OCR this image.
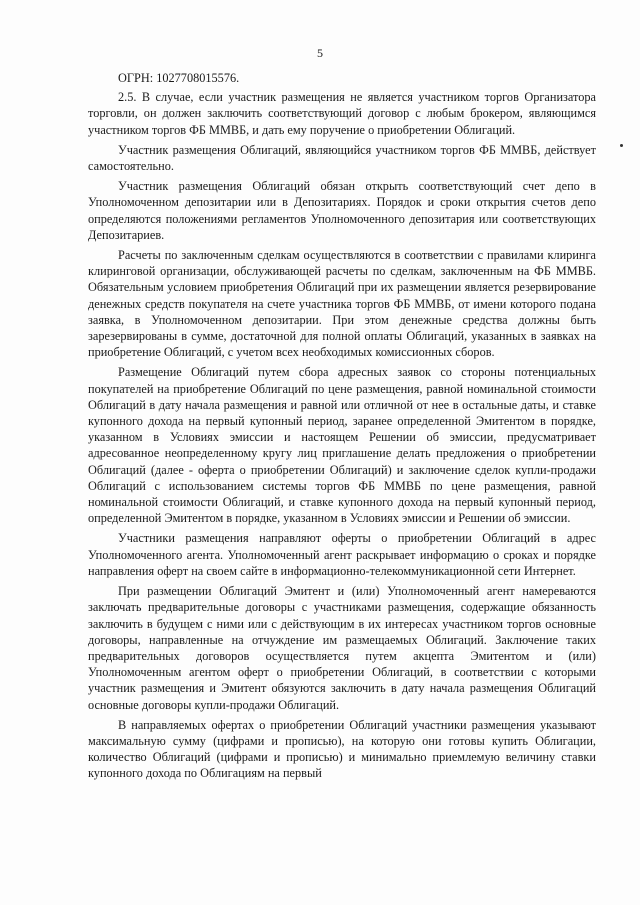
5

ОГРН: 1027708015576.

2.5. В случае, если участник размещения не является участником торгов Организатора торговли, он должен заключить соответствующий договор с любым брокером, являющимся участником торгов ФБ ММВБ, и дать ему поручение о приобретении Облигаций.

Участник размещения Облигаций, являющийся участником торгов ФБ ММВБ, действует самостоятельно.

Участник размещения Облигаций обязан открыть соответствующий счет депо в Уполномоченном депозитарии или в Депозитариях. Порядок и сроки открытия счетов депо определяются положениями регламентов Уполномоченного депозитария или соответствующих Депозитариев.

Расчеты по заключенным сделкам осуществляются в соответствии с правилами клиринга клиринговой организации, обслуживающей расчеты по сделкам, заключенным на ФБ ММВБ. Обязательным условием приобретения Облигаций при их размещении является резервирование денежных средств покупателя на счете участника торгов ФБ ММВБ, от имени которого подана заявка, в Уполномоченном депозитарии. При этом денежные средства должны быть зарезервированы в сумме, достаточной для полной оплаты Облигаций, указанных в заявках на приобретение Облигаций, с учетом всех необходимых комиссионных сборов.

Размещение Облигаций путем сбора адресных заявок со стороны потенциальных покупателей на приобретение Облигаций по цене размещения, равной номинальной стоимости Облигаций в дату начала размещения и равной или отличной от нее в остальные даты, и ставке купонного дохода на первый купонный период, заранее определенной Эмитентом в порядке, указанном в Условиях эмиссии и настоящем Решении об эмиссии, предусматривает адресованное неопределенному кругу лиц приглашение делать предложения о приобретении Облигаций (далее - оферта о приобретении Облигаций) и заключение сделок купли-продажи Облигаций с использованием системы торгов ФБ ММВБ по цене размещения, равной номинальной стоимости Облигаций, и ставке купонного дохода на первый купонный период, определенной Эмитентом в порядке, указанном в Условиях эмиссии и Решении об эмиссии.

Участники размещения направляют оферты о приобретении Облигаций в адрес Уполномоченного агента. Уполномоченный агент раскрывает информацию о сроках и порядке направления оферт на своем сайте в информационно-телекоммуникационной сети Интернет.

При размещении Облигаций Эмитент и (или) Уполномоченный агент намереваются заключать предварительные договоры с участниками размещения, содержащие обязанность заключить в будущем с ними или с действующим в их интересах участником торгов основные договоры, направленные на отчуждение им размещаемых Облигаций. Заключение таких предварительных договоров осуществляется путем акцепта Эмитентом и (или) Уполномоченным агентом оферт о приобретении Облигаций, в соответствии с которыми участник размещения и Эмитент обязуются заключить в дату начала размещения Облигаций основные договоры купли-продажи Облигаций.

В направляемых офертах о приобретении Облигаций участники размещения указывают максимальную сумму (цифрами и прописью), на которую они готовы купить Облигации, количество Облигаций (цифрами и прописью) и минимально приемлемую величину ставки купонного дохода по Облигациям на первый
